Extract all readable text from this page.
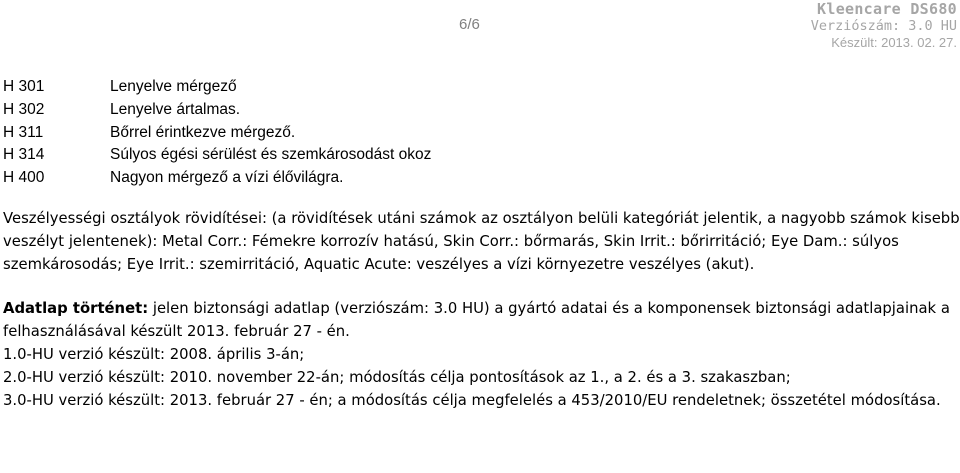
6/6
Kleencare DS680
Verziószám: 3.0 HU
Készült: 2013. 02. 27.
H 301	Lenyelve mérgező
H 302	Lenyelve ártalmas.
H 311	Bőrrel érintkezve mérgező.
H 314	Súlyos égési sérülést és szemkárosodást okoz
H 400	Nagyon mérgező a vízi élővilágra.

Veszélyességi osztályok rövidítései: (a rövidítések utáni számok az osztályon belüli kategóriát jelentik, a nagyobb számok kisebb veszélyt jelentenek): Metal Corr.: Fémekre korrozív hatású, Skin Corr.: bőrmarás, Skin Irrit.: bőrirritáció; Eye Dam.: súlyos szemkárosodás; Eye Irrit.: szemirritáció, Aquatic Acute: veszélyes a vízi környezetre veszélyes (akut).

Adatlap történet: jelen biztonsági adatlap (verziószám: 3.0 HU) a gyártó adatai és a komponensek biztonsági adatlapjainak a felhasználásával készült 2013. február 27 - én.

1.0-HU verzió készült: 2008. április 3-án;

2.0-HU verzió készült: 2010. november 22-án; módosítás célja pontosítások az 1., a 2. és a 3. szakaszban;

3.0-HU verzió készült: 2013. február 27 - én; a módosítás célja megfelelés a 453/2010/EU rendeletnek; összetétel módosítása.
